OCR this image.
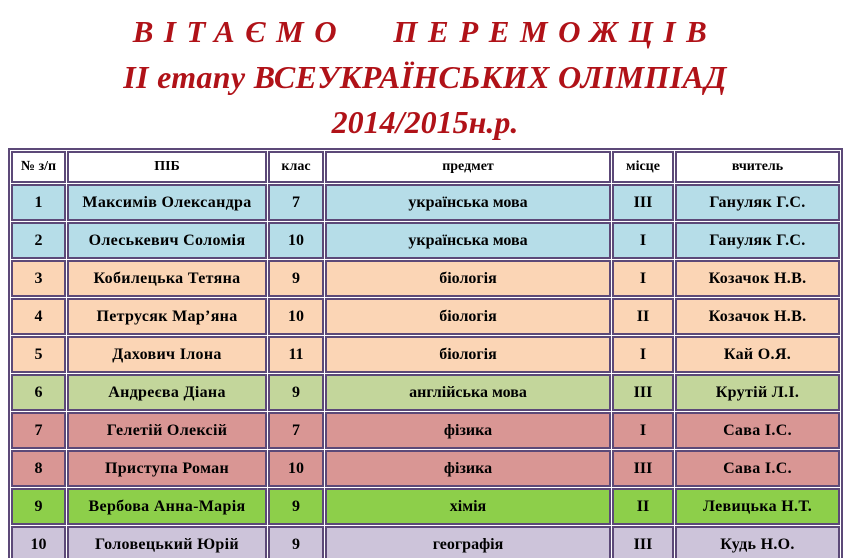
ВІТАЄМО ПЕРЕМОЖЦІВ
ІІ етапу ВСЕУКРАЇНСЬКИХ ОЛІМПІАД
2014/2015н.р.
№ з/п	ПІБ	клас	предмет	місце	вчитель
1	Максимів Олександра	7	українська мова	III	Гануляк Г.С.
2	Олеськевич Соломія	10	українська мова	I	Гануляк Г.С.
3	Кобилецька Тетяна	9	біологія	I	Козачок Н.В.
4	Петрусяк Мар’яна	10	біологія	II	Козачок Н.В.
5	Дахович Ілона	11	біологія	I	Кай О.Я.
6	Андреєва Діана	9	англійська мова	III	Крутій Л.І.
7	Гелетій Олексій	7	фізика	I	Сава І.С.
8	Приступа Роман	10	фізика	III	Сава І.С.
9	Вербова Анна-Марія	9	хімія	II	Левицька Н.Т.
10	Головецький Юрій	9	географія	III	Кудь Н.О.
